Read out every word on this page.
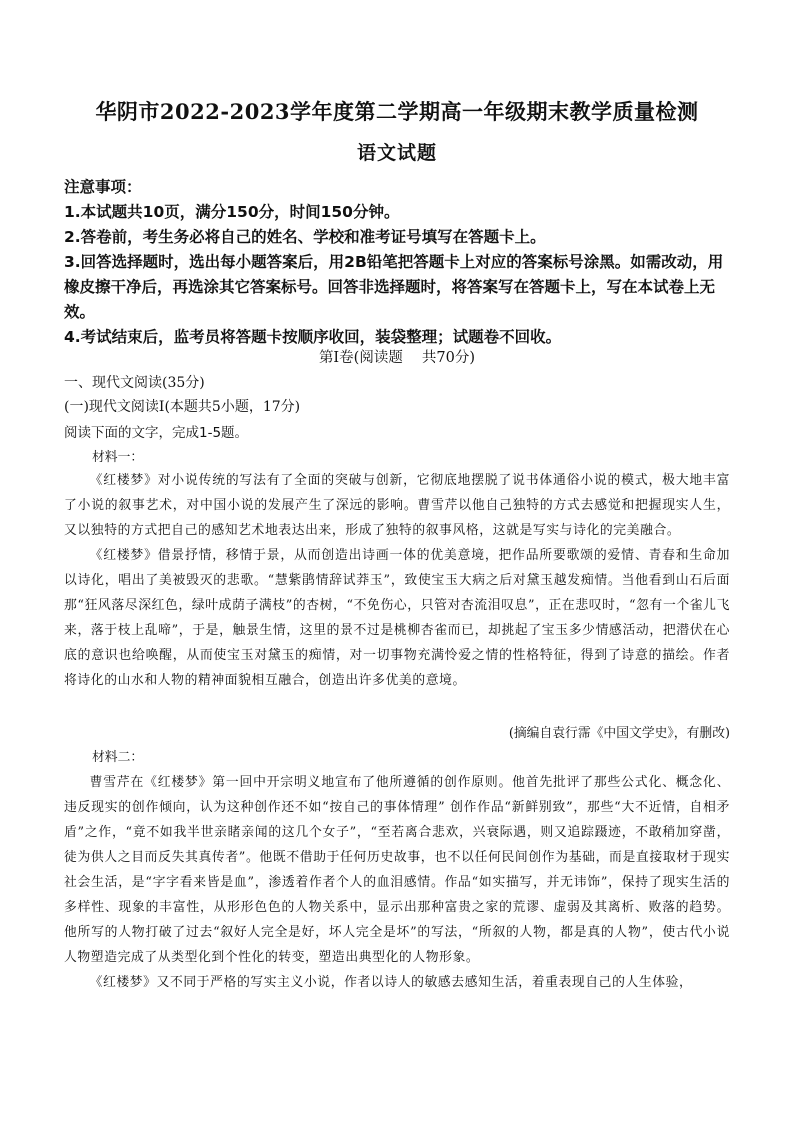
华阴市2022-2023学年度第二学期高一年级期末教学质量检测
语文试题
注意事项：
1.本试题共10页，满分150分，时间150分钟。
2.答卷前，考生务必将自己的姓名、学校和准考证号填写在答题卡上。
3.回答选择题时，选出每小题答案后，用2B铅笔把答题卡上对应的答案标号涂黑。如需改动，用橡皮擦干净后，再选涂其它答案标号。回答非选择题时，将答案写在答题卡上，写在本试卷上无效。
4.考试结束后，监考员将答题卡按顺序收回，装袋整理；试题卷不回收。
第Ⅰ卷(阅读题　 共70分)
一、现代文阅读(35分)
(一)现代文阅读Ⅰ(本题共5小题，17分)
阅读下面的文字，完成1-5题。
材料一：

《红楼梦》对小说传统的写法有了全面的突破与创新，它彻底地摆脱了说书体通俗小说的模式，极大地丰富了小说的叙事艺术，对中国小说的发展产生了深远的影响。曹雪芹以他自己独特的方式去感觉和把握现实人生，又以独特的方式把自己的感知艺术地表达出来，形成了独特的叙事风格，这就是写实与诗化的完美融合。

《红楼梦》借景抒情，移情于景，从而创造出诗画一体的优美意境，把作品所要歌颂的爱情、青春和生命加以诗化，唱出了美被毁灭的悲歌。“慧紫鹃情辞试莽玉”，致使宝玉大病之后对黛玉越发痴情。当他看到山石后面那“狂风落尽深红色，绿叶成荫子满枝”的杏树，“不免伤心，只管对杏流泪叹息”，正在悲叹时，“忽有一个雀儿飞来，落于枝上乱啼”，于是，触景生情，这里的景不过是桃柳杏雀而已，却挑起了宝玉多少情感活动，把潜伏在心底的意识也给唤醒，从而使宝玉对黛玉的痴情，对一切事物充满怜爱之情的性格特征，得到了诗意的描绘。作者将诗化的山水和人物的精神面貌相互融合，创造出许多优美的意境。

(摘编自袁行霈《中国文学史》，有删改)
材料二：

曹雪芹在《红楼梦》第一回中开宗明义地宣布了他所遵循的创作原则。他首先批评了那些公式化、概念化、违反现实的创作倾向，认为这种创作还不如“按自己的事体情理” 创作作品“新鲜别致”，那些“大不近情，自相矛盾”之作，“竟不如我半世亲睹亲闻的这几个女子”，“至若离合悲欢，兴衰际遇，则又追踪蹑迹，不敢稍加穿凿，徒为供人之目而反失其真传者”。他既不借助于任何历史故事，也不以任何民间创作为基础，而是直接取材于现实社会生活，是“字字看来皆是血”，渗透着作者个人的血泪感情。作品“如实描写，并无讳饰”，保持了现实生活的多样性、现象的丰富性，从形形色色的人物关系中，显示出那种富贵之家的荒谬、虚弱及其离析、败落的趋势。他所写的人物打破了过去“叙好人完全是好，坏人完全是坏”的写法，“所叙的人物，都是真的人物”，使古代小说人物塑造完成了从类型化到个性化的转变，塑造出典型化的人物形象。

《红楼梦》又不同于严格的写实主义小说，作者以诗人的敏感去感知生活，着重表现自己的人生体验，
